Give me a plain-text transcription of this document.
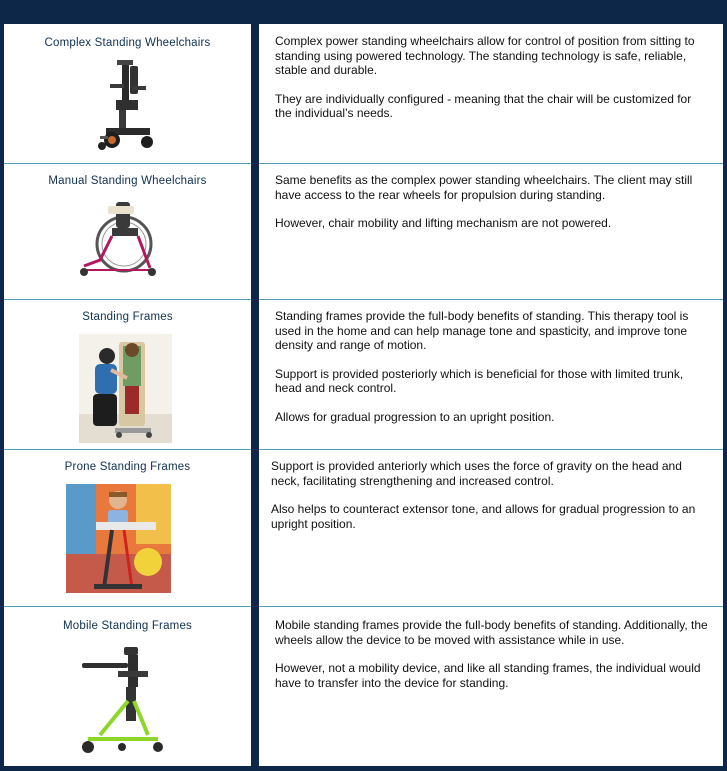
Complex Standing Wheelchairs
Manual Standing Wheelchairs
Standing Frames
Prone Standing Frames
Mobile Standing Frames

Complex power standing wheelchairs allow for control of position from sitting to standing using powered technology. The standing technology is safe, reliable, stable and durable.

They are individually configured - meaning that the chair will be customized for the individual’s needs.

Same benefits as the complex power standing wheelchairs. The client may still have access to the rear wheels for propulsion during standing.

However, chair mobility and lifting mechanism are not powered.

Standing frames provide the full-body benefits of standing. This therapy tool is used in the home and can help manage tone and spasticity, and improve tone density and range of motion.

Support is provided posteriorly which is beneficial for those with limited trunk, head and neck control.

Allows for gradual progression to an upright position.

Support is provided anteriorly which uses the force of gravity on the head and neck, facilitating strengthening and increased control.

Also helps to counteract extensor tone, and allows for gradual progression to an upright position.

Mobile standing frames provide the full-body benefits of standing. Additionally, the wheels allow the device to be moved with assistance while in use.

However, not a mobility device, and like all standing frames, the individual would have to transfer into the device for standing.
